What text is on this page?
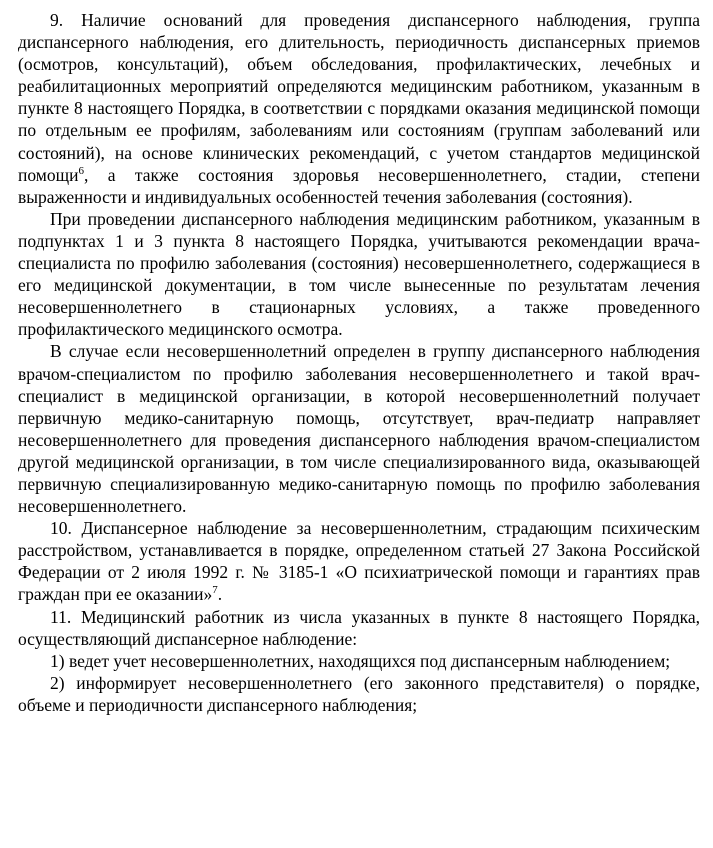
9. Наличие оснований для проведения диспансерного наблюдения, группа диспансерного наблюдения, его длительность, периодичность диспансерных приемов (осмотров, консультаций), объем обследования, профилактических, лечебных и реабилитационных мероприятий определяются медицинским работником, указанным в пункте 8 настоящего Порядка, в соответствии с порядками оказания медицинской помощи по отдельным ее профилям, заболеваниям или состояниям (группам заболеваний или состояний), на основе клинических рекомендаций, с учетом стандартов медицинской помощи$^6$, а также состояния здоровья несовершеннолетнего, стадии, степени выраженности и индивидуальных особенностей течения заболевания (состояния).

При проведении диспансерного наблюдения медицинским работником, указанным в подпунктах 1 и 3 пункта 8 настоящего Порядка, учитываются рекомендации врача-специалиста по профилю заболевания (состояния) несовершеннолетнего, содержащиеся в его медицинской документации, в том числе вынесенные по результатам лечения несовершеннолетнего в стационарных условиях, а также проведенного профилактического медицинского осмотра.

В случае если несовершеннолетний определен в группу диспансерного наблюдения врачом-специалистом по профилю заболевания несовершеннолетнего и такой врач-специалист в медицинской организации, в которой несовершеннолетний получает первичную медико-санитарную помощь, отсутствует, врач-педиатр направляет несовершеннолетнего для проведения диспансерного наблюдения врачом-специалистом другой медицинской организации, в том числе специализированного вида, оказывающей первичную специализированную медико-санитарную помощь по профилю заболевания несовершеннолетнего.

10. Диспансерное наблюдение за несовершеннолетним, страдающим психическим расстройством, устанавливается в порядке, определенном статьей 27 Закона Российской Федерации от 2 июля 1992 г. № 3185-1 «О психиатрической помощи и гарантиях прав граждан при ее оказании»$^7$.

11. Медицинский работник из числа указанных в пункте 8 настоящего Порядка, осуществляющий диспансерное наблюдение:

1) ведет учет несовершеннолетних, находящихся под диспансерным наблюдением;

2) информирует несовершеннолетнего (его законного представителя) о порядке, объеме и периодичности диспансерного наблюдения;
